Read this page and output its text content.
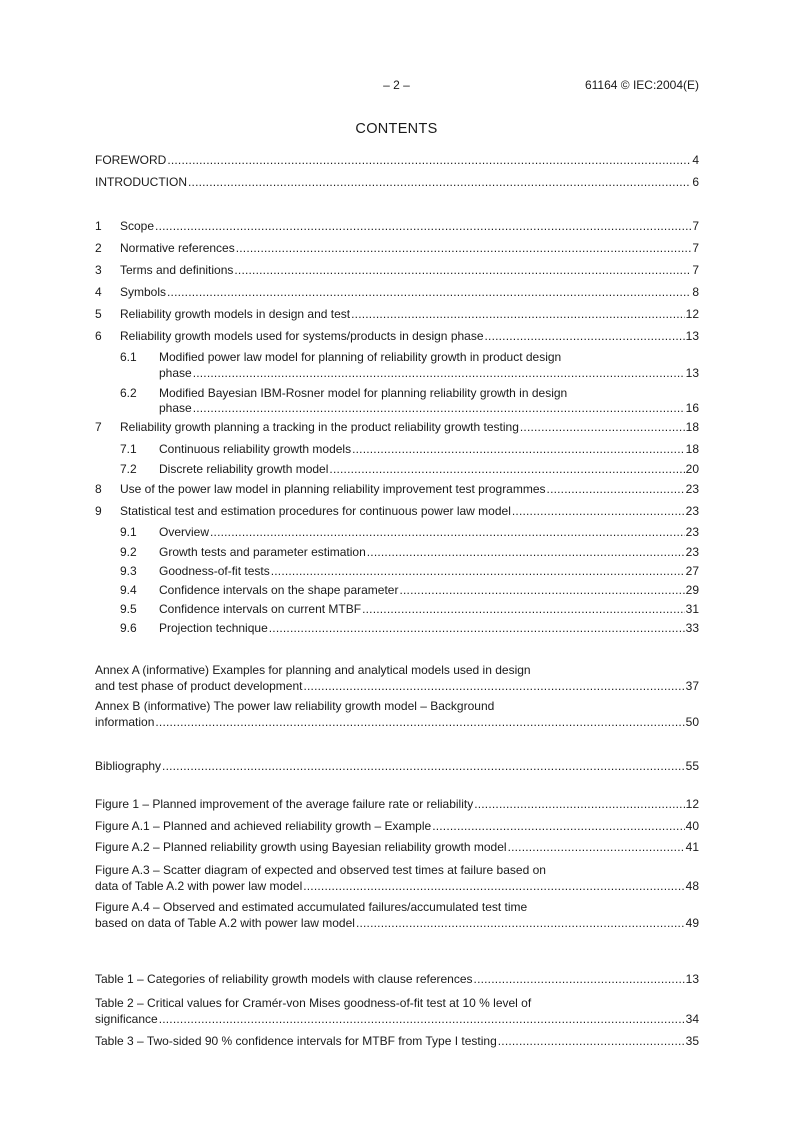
– 2 –	61164 © IEC:2004(E)
CONTENTS
FOREWORD .....	4
INTRODUCTION .....	6
1	Scope .....	7
2	Normative references .....	7
3	Terms and definitions .....	7
4	Symbols .....	8
5	Reliability growth models in design and test .....	12
6	Reliability growth models used for systems/products in design phase .....	13
6.1 Modified power law model for planning of reliability growth in product design
phase .....	13
6.2 Modified Bayesian IBM-Rosner model for planning reliability growth in design
phase .....	16
7	Reliability growth planning a tracking in the product reliability growth testing .....	18
7.1	Continuous reliability growth models .....	18
7.2	Discrete reliability growth model .....	20
8	Use of the power law model in planning reliability improvement test programmes .....	23
9	Statistical test and estimation procedures for continuous power law model .....	23
9.1	Overview .....	23
9.2	Growth tests and parameter estimation .....	23
9.3	Goodness-of-fit tests .....	27
9.4	Confidence intervals on the shape parameter .....	29
9.5	Confidence intervals on current MTBF .....	31
9.6	Projection technique .....	33
Annex A (informative) Examples for planning and analytical models used in design
and test phase of product development .....	37
Annex B (informative) The power law reliability growth model – Background
information .....	50
Bibliography .....	55
Figure 1 – Planned improvement of the average failure rate or reliability .....	12
Figure A.1 – Planned and achieved reliability growth – Example .....	40
Figure A.2 – Planned reliability growth using Bayesian reliability growth model .....	41
Figure A.3 – Scatter diagram of expected and observed test times at failure based on
data of Table A.2 with power law model .....	48
Figure A.4 – Observed and estimated accumulated failures/accumulated test time
based on data of Table A.2 with power law model .....	49
Table 1 – Categories of reliability growth models with clause references .....	13
Table 2 – Critical values for Cramér-von Mises goodness-of-fit test at 10 % level of
significance .....	34
Table 3 – Two-sided 90 % confidence intervals for MTBF from Type I testing .....	35
